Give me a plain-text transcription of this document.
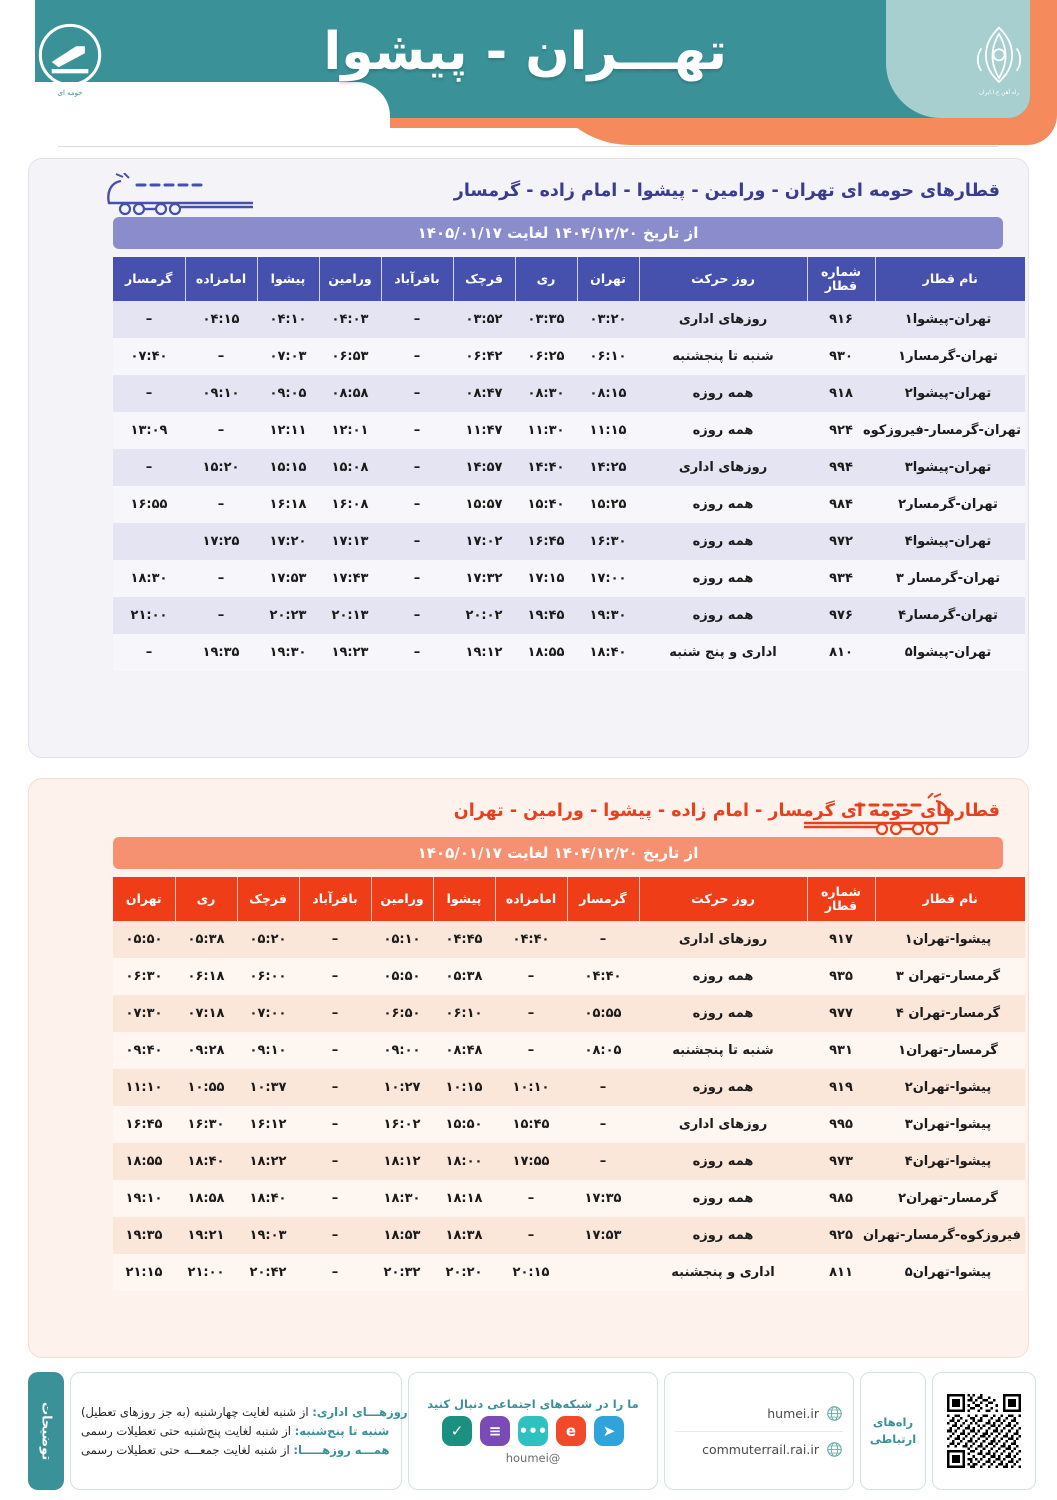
تهـــران - پیشوا
راه آهن ج.ا.ایران
حومه ای
قطارهای حومه ای تهران - ورامین - پیشوا - امام زاده - گرمسار
از تاریخ ۱۴۰۴/۱۲/۲۰ لغایت ۱۴۰۵/۰۱/۱۷
نام قطار	شماره قطار	روز حرکت	تهران	ری	قرچک	باقرآباد	ورامین	پیشوا	امامزاده	گرمسار
تهران-پیشوا۱	۹۱۶	روزهای اداری	۰۳:۲۰	۰۳:۳۵	۰۳:۵۲	–	۰۴:۰۳	۰۴:۱۰	۰۴:۱۵	–
تهران-گرمسار۱	۹۳۰	شنبه تا پنجشنبه	۰۶:۱۰	۰۶:۲۵	۰۶:۴۲	–	۰۶:۵۳	۰۷:۰۳	–	۰۷:۴۰
تهران-پیشوا۲	۹۱۸	همه روزه	۰۸:۱۵	۰۸:۳۰	۰۸:۴۷	–	۰۸:۵۸	۰۹:۰۵	۰۹:۱۰	–
تهران-گرمسار-فیروزکوه	۹۲۴	همه روزه	۱۱:۱۵	۱۱:۳۰	۱۱:۴۷	–	۱۲:۰۱	۱۲:۱۱	–	۱۳:۰۹
تهران-پیشوا۳	۹۹۴	روزهای اداری	۱۴:۲۵	۱۴:۴۰	۱۴:۵۷	–	۱۵:۰۸	۱۵:۱۵	۱۵:۲۰	–
تهران-گرمسار۲	۹۸۴	همه روزه	۱۵:۲۵	۱۵:۴۰	۱۵:۵۷	–	۱۶:۰۸	۱۶:۱۸	–	۱۶:۵۵
تهران-پیشوا۴	۹۷۲	همه روزه	۱۶:۳۰	۱۶:۴۵	۱۷:۰۲	–	۱۷:۱۳	۱۷:۲۰	۱۷:۲۵	
تهران-گرمسار ۳	۹۳۴	همه روزه	۱۷:۰۰	۱۷:۱۵	۱۷:۳۲	–	۱۷:۴۳	۱۷:۵۳	–	۱۸:۳۰
تهران-گرمسار۴	۹۷۶	همه روزه	۱۹:۳۰	۱۹:۴۵	۲۰:۰۲	–	۲۰:۱۳	۲۰:۲۳	–	۲۱:۰۰
تهران-پیشوا۵	۸۱۰	اداری و پنج شنبه	۱۸:۴۰	۱۸:۵۵	۱۹:۱۲	–	۱۹:۲۳	۱۹:۳۰	۱۹:۳۵	–
قطارهای حومه ای گرمسار - امام زاده - پیشوا - ورامین - تهران
از تاریخ ۱۴۰۴/۱۲/۲۰ لغایت ۱۴۰۵/۰۱/۱۷
نام قطار	شماره قطار	روز حرکت	گرمسار	امامزاده	پیشوا	ورامین	باقرآباد	قرچک	ری	تهران
پیشوا-تهران۱	۹۱۷	روزهای اداری	–	۰۴:۴۰	۰۴:۴۵	۰۵:۱۰	–	۰۵:۲۰	۰۵:۳۸	۰۵:۵۰
گرمسار-تهران ۳	۹۳۵	همه روزه	۰۴:۴۰	–	۰۵:۳۸	۰۵:۵۰	–	۰۶:۰۰	۰۶:۱۸	۰۶:۳۰
گرمسار-تهران ۴	۹۷۷	همه روزه	۰۵:۵۵	–	۰۶:۱۰	۰۶:۵۰	–	۰۷:۰۰	۰۷:۱۸	۰۷:۳۰
گرمسار-تهران۱	۹۳۱	شنبه تا پنجشنبه	۰۸:۰۵	–	۰۸:۴۸	۰۹:۰۰	–	۰۹:۱۰	۰۹:۲۸	۰۹:۴۰
پیشوا-تهران۲	۹۱۹	همه روزه	–	۱۰:۱۰	۱۰:۱۵	۱۰:۲۷	–	۱۰:۳۷	۱۰:۵۵	۱۱:۱۰
پیشوا-تهران۳	۹۹۵	روزهای اداری	–	۱۵:۴۵	۱۵:۵۰	۱۶:۰۲	–	۱۶:۱۲	۱۶:۳۰	۱۶:۴۵
پیشوا-تهران۴	۹۷۳	همه روزه	–	۱۷:۵۵	۱۸:۰۰	۱۸:۱۲	–	۱۸:۲۲	۱۸:۴۰	۱۸:۵۵
گرمسار-تهران۲	۹۸۵	همه روزه	۱۷:۳۵	–	۱۸:۱۸	۱۸:۳۰	–	۱۸:۴۰	۱۸:۵۸	۱۹:۱۰
فیروزکوه-گرمسار-تهران	۹۲۵	همه روزه	۱۷:۵۳	–	۱۸:۳۸	۱۸:۵۳	–	۱۹:۰۳	۱۹:۲۱	۱۹:۳۵
پیشوا-تهران۵	۸۱۱	اداری و پنجشنبه		۲۰:۱۵	۲۰:۲۰	۲۰:۳۲	–	۲۰:۴۲	۲۱:۰۰	۲۱:۱۵
توضیحات	روزهـــای اداری: از شنبه لغایت چهارشنبه (به جز روزهای تعطیل)
شنبه تا پنج‌شنبه: از شنبه لغایت پنج‌شنبه حتی تعطیلات رسمی
همـــه روزهـــــا: از شنبه لغایت جمعـــه حتی تعطیلات رسمی
ما را در شبکه‌های اجتماعی دنبال کنید
➤
e
•••
≡
✓
@houmei
humei.ir
commuterrail.rai.ir
راه‌های
ارتباطی
